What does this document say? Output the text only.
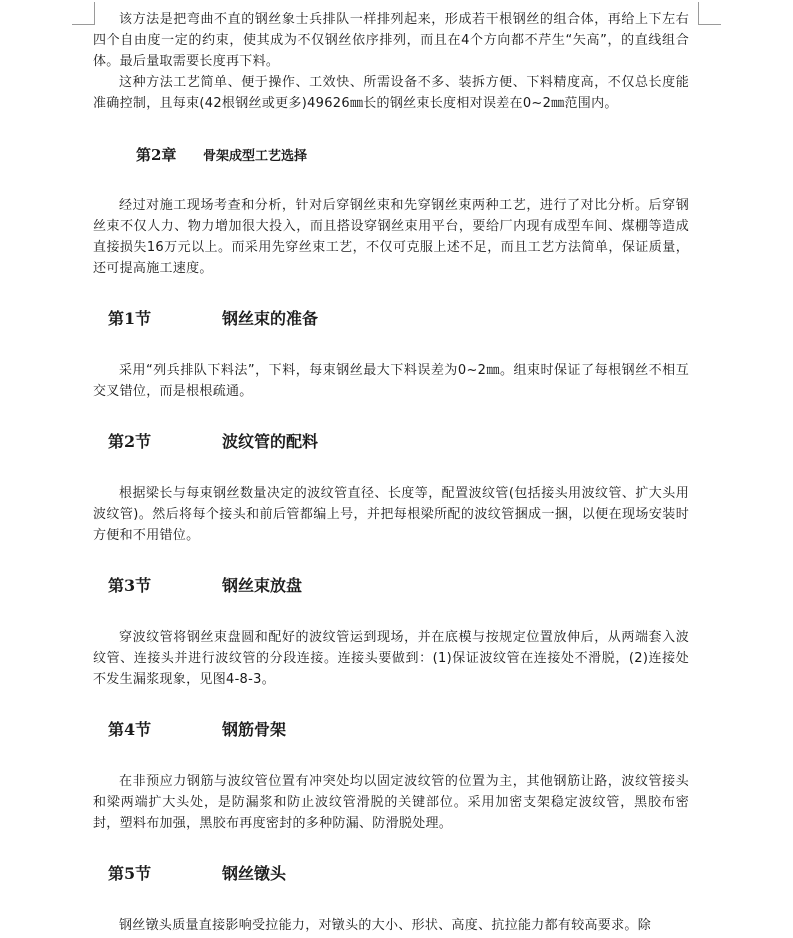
该方法是把弯曲不直的钢丝象士兵排队一样排列起来，形成若干根钢丝的组合体，再给上下左右四个自由度一定的约束，使其成为不仅钢丝依序排列，而且在4个方向都不芹生“矢高”，的直线组合体。最后量取需要长度再下料。

这种方法工艺简单、便于操作、工效快、所需设备不多、装拆方便、下料精度高，不仅总长度能准确控制，且每束(42根钢丝或更多)49626㎜长的钢丝束长度相对误差在0~2㎜范围内。

第2章 骨架成型工艺选择

经过对施工现场考查和分析，针对后穿钢丝束和先穿钢丝束两种工艺，进行了对比分析。后穿钢丝束不仅人力、物力增加很大投入，而且搭设穿钢丝束用平台，要给厂内现有成型车间、煤棚等造成直接损失16万元以上。而采用先穿丝束工艺，不仅可克服上述不足，而且工艺方法简单，保证质量，还可提高施工速度。

第1节	钢丝束的准备

采用“列兵排队下料法”，下料，每束钢丝最大下料误差为0~2㎜。组束时保证了每根钢丝不相互交叉错位，而是根根疏通。

第2节	波纹管的配料

根据梁长与每束钢丝数量决定的波纹管直径、长度等，配置波纹管(包括接头用波纹管、扩大头用波纹管)。然后将每个接头和前后管都编上号，并把每根梁所配的波纹管捆成一捆，以便在现场安装时方便和不用错位。

第3节	钢丝束放盘

穿波纹管将钢丝束盘圆和配好的波纹管运到现场，并在底模与按规定位置放伸后，从两端套入波纹管、连接头并进行波纹管的分段连接。连接头要做到：(1)保证波纹管在连接处不滑脱，(2)连接处不发生漏浆现象，见图4-8-3。

第4节	钢筋骨架

在非预应力钢筋与波纹管位置有冲突处均以固定波纹管的位置为主，其他钢筋让路，波纹管接头和梁两端扩大头处，是防漏浆和防止波纹管滑脱的关键部位。采用加密支架稳定波纹管，黑胶布密封，塑料布加强，黑胶布再度密封的多种防漏、防滑脱处理。

第5节	钢丝镦头

钢丝镦头质量直接影响受拉能力，对镦头的大小、形状、高度、抗拉能力都有较高要求。除
